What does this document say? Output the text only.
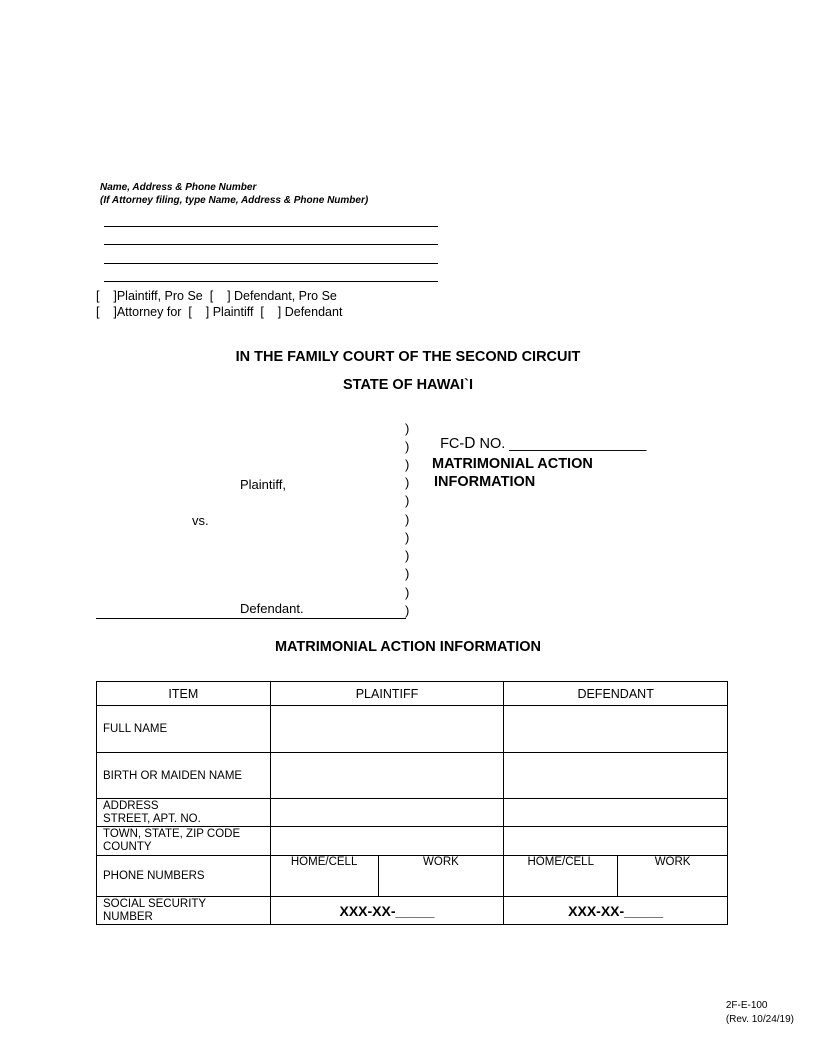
Name, Address & Phone Number
(If Attorney filing, type Name, Address & Phone Number)
[    ]Plaintiff, Pro Se  [    ] Defendant, Pro Se
[    ]Attorney for  [    ] Plaintiff  [    ] Defendant
IN THE FAMILY COURT OF THE SECOND CIRCUIT
STATE OF HAWAI`I
)
)
)
)
)
)
)
)
)
)
)

FC-D NO. _________________

MATRIMONIAL ACTION
INFORMATION
Plaintiff,
vs.
Defendant.
MATRIMONIAL ACTION INFORMATION
ITEM	PLAINTIFF		DEFENDANT	
FULL NAME				
BIRTH OR MAIDEN NAME				

ADDRESS
STREET, APT. NO.				

TOWN, STATE, ZIP CODE
COUNTY				

PHONE NUMBERS	HOME/CELL	WORK	HOME/CELL	WORK

SOCIAL SECURITY
NUMBER	XXX-XX-_____		XXX-XX-_____	
2F-E-100
(Rev. 10/24/19)
